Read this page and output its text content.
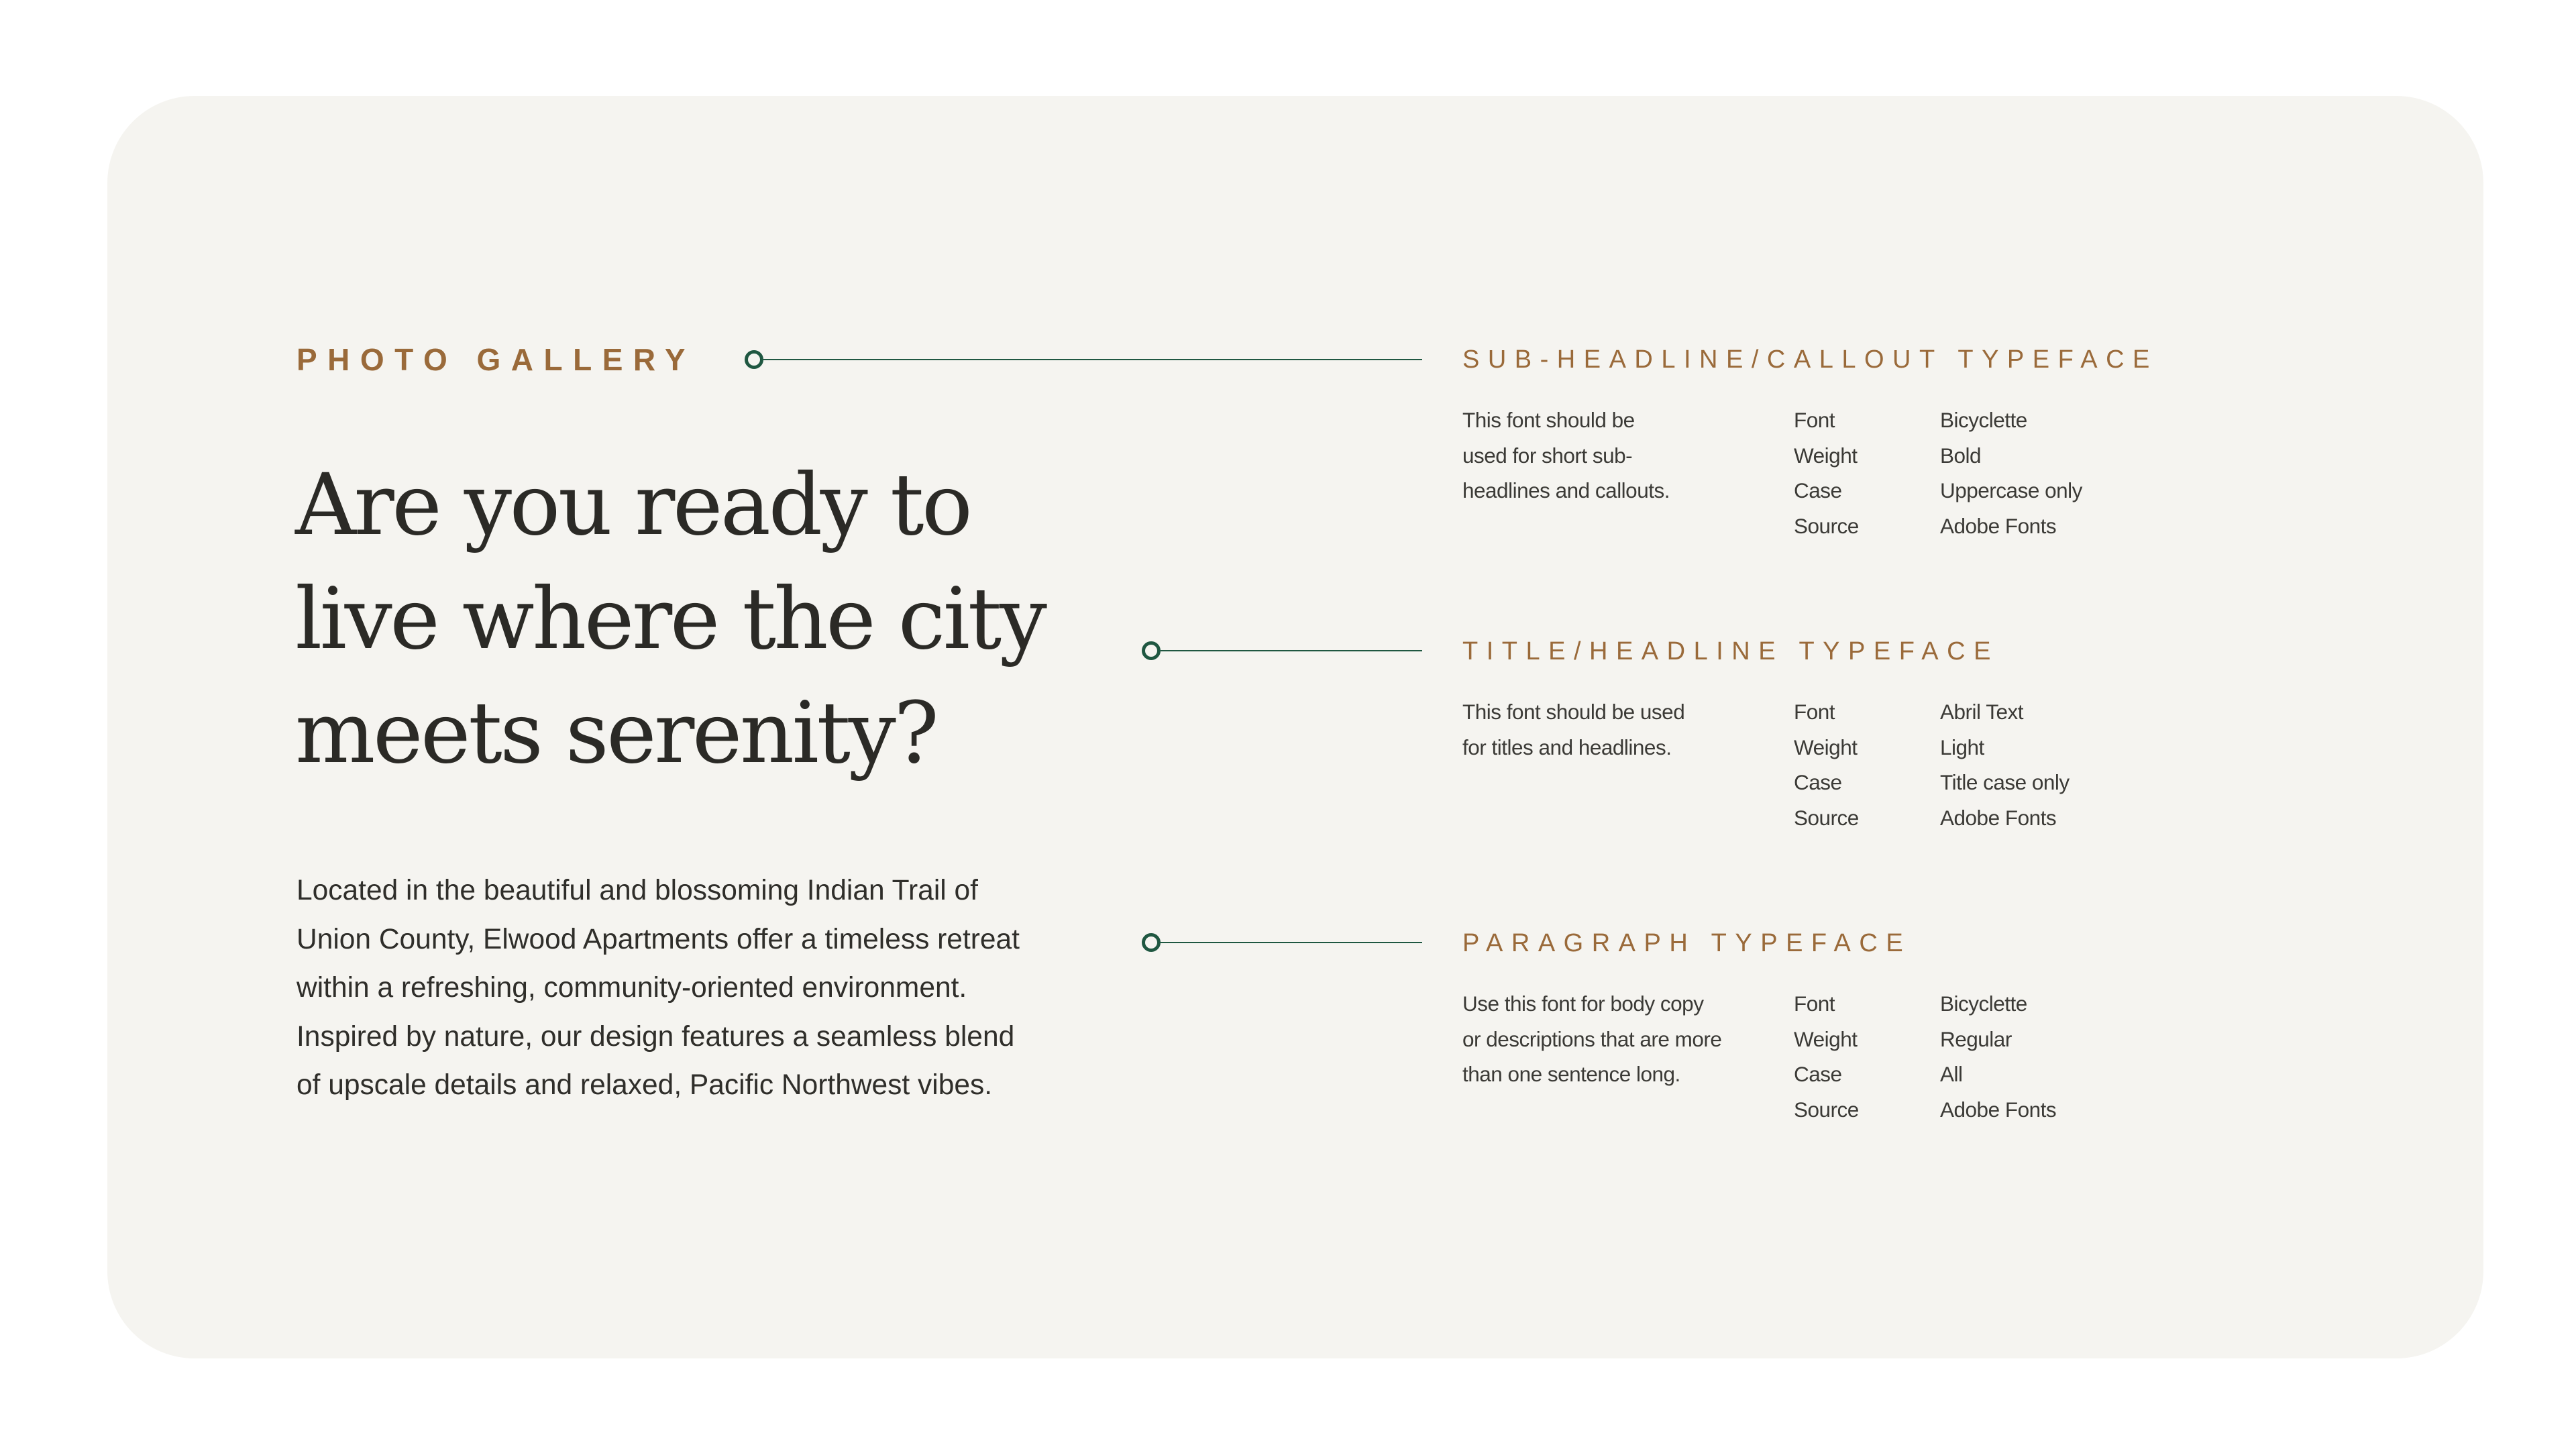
PHOTO GALLERY
Are you ready to
live where the city
meets serenity?

Located in the beautiful and blossoming Indian Trail of
Union County, Elwood Apartments offer a timeless retreat
within a refreshing, community-oriented environment.
Inspired by nature, our design features a seamless blend
of upscale details and relaxed, Pacific Northwest vibes.

SUB-HEADLINE/CALLOUT TYPEFACE
This font should be
used for short sub-
headlines and callouts.
Font	Bicyclette
Weight	Bold
Case	Uppercase only
Source	Adobe Fonts
TITLE/HEADLINE TYPEFACE
This font should be used
for titles and headlines.
Font	Abril Text
Weight	Light
Case	Title case only
Source	Adobe Fonts
PARAGRAPH TYPEFACE
Use this font for body copy
or descriptions that are more
than one sentence long.
Font	Bicyclette
Weight	Regular
Case	All
Source	Adobe Fonts
